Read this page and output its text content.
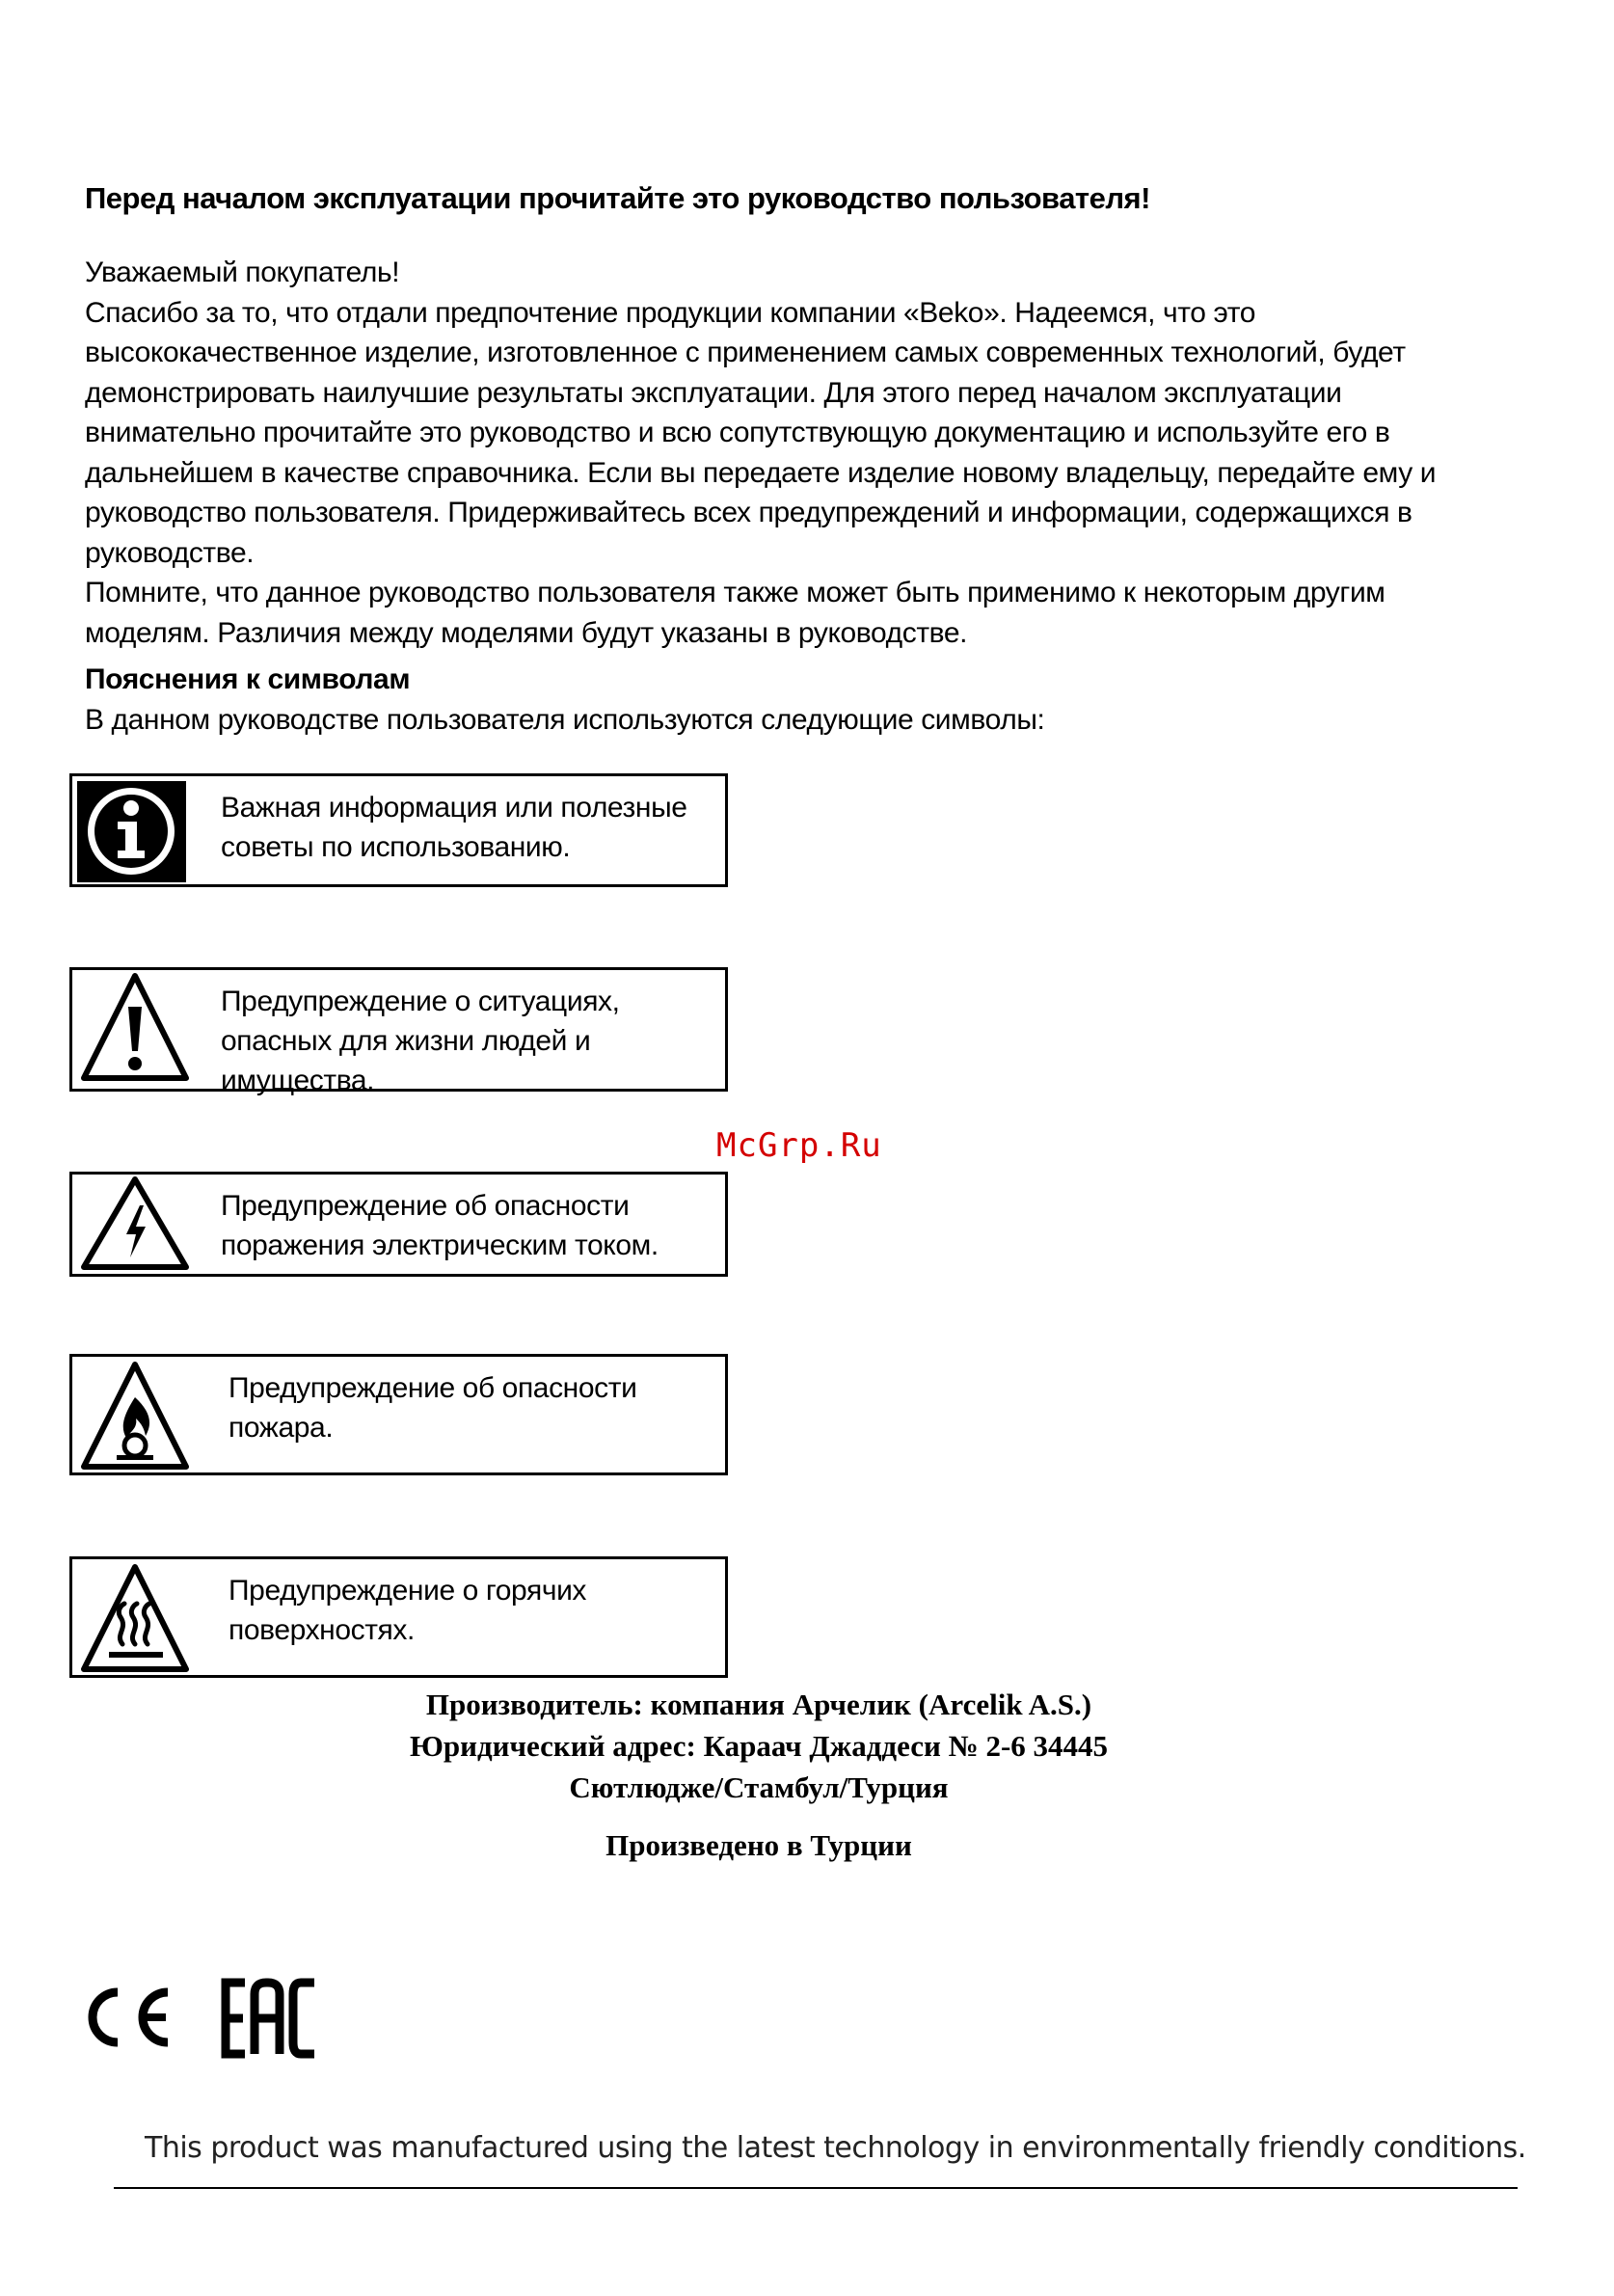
Перед началом эксплуатации прочитайте это руководство пользователя!

Уважаемый покупатель!

Спасибо за то, что отдали предпочтение продукции компании «Beko». Надеемся, что это высококачественное изделие, изготовленное с применением самых современных технологий, будет демонстрировать наилучшие результаты эксплуатации. Для этого перед началом эксплуатации внимательно прочитайте это руководство и всю сопутствующую документацию и используйте его в дальнейшем в качестве справочника. Если вы передаете изделие новому владельцу, передайте ему и руководство пользователя. Придерживайтесь всех предупреждений и информации, содержащихся в руководстве.

Помните, что данное руководство пользователя также может быть применимо к некоторым другим моделям. Различия между моделями будут указаны в руководстве.

Пояснения к символам
В данном руководстве пользователя используются следующие символы:
Важная информация или полезные советы по использованию.
Предупреждение о ситуациях, опасных для жизни людей и имущества.
Предупреждение об опасности поражения электрическим током.
Предупреждение об опасности пожара.
Предупреждение о горячих поверхностях.
McGrp.Ru
Производитель: компания Арчелик (Arcelik A.S.)
Юридический адрес: Караач Джаддеси № 2-6 34445
Сютлюдже/Стамбул/Турция
Произведено в Турции
This product was manufactured using the latest technology in environmentally friendly conditions.
